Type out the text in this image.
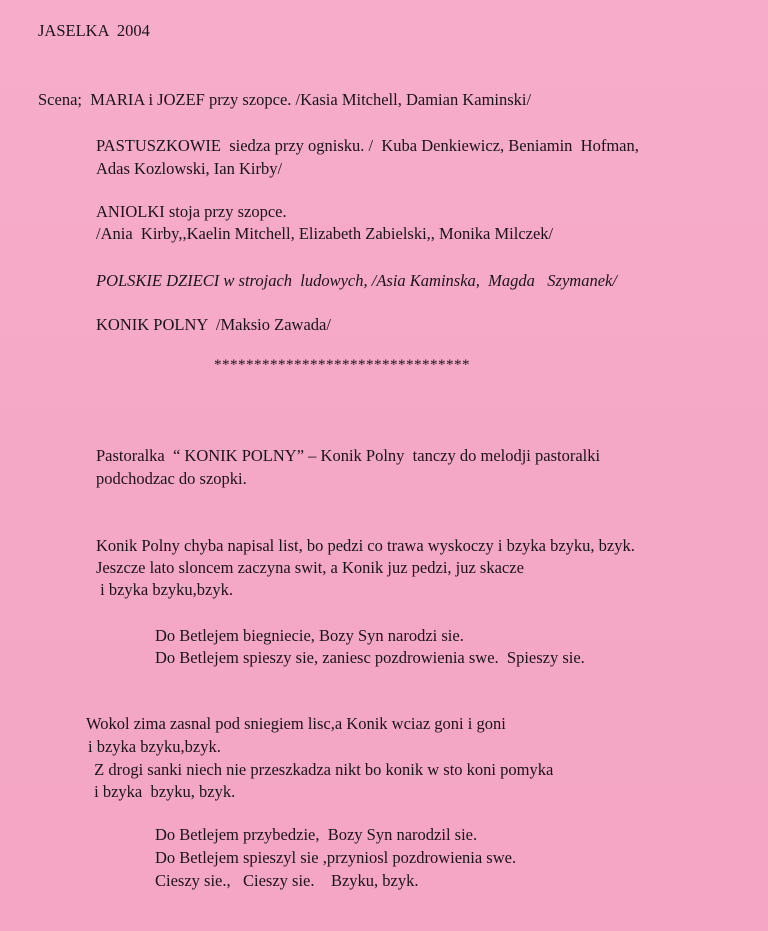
JASELKA  2004

Scena;  MARIA i JOZEF przy szopce. /Kasia Mitchell, Damian Kaminski/

PASTUSZKOWIE  siedza przy ognisku. /  Kuba Denkiewicz, Beniamin  Hofman,

Adas Kozlowski, Ian Kirby/

ANIOLKI stoja przy szopce.

/Ania  Kirby,,Kaelin Mitchell, Elizabeth Zabielski,, Monika Milczek/

POLSKIE DZIECI w strojach  ludowych, /Asia Kaminska,  Magda   Szymanek/

KONIK POLNY  /Maksio Zawada/

********************************

Pastoralka  “ KONIK POLNY” – Konik Polny  tanczy do melodji pastoralki

podchodzac do szopki.

Konik Polny chyba napisal list, bo pedzi co trawa wyskoczy i bzyka bzyku, bzyk.

Jeszcze lato sloncem zaczyna swit, a Konik juz pedzi, juz skacze

i bzyka bzyku,bzyk.

Do Betlejem biegniecie, Bozy Syn narodzi sie.

Do Betlejem spieszy sie, zaniesc pozdrowienia swe.  Spieszy sie.

Wokol zima zasnal pod sniegiem lisc,a Konik wciaz goni i goni

i bzyka bzyku,bzyk.

Z drogi sanki niech nie przeszkadza nikt bo konik w sto koni pomyka

i bzyka  bzyku, bzyk.

Do Betlejem przybedzie,  Bozy Syn narodzil sie.

Do Betlejem spieszyl sie ,przyniosl pozdrowienia swe.

Cieszy sie.,   Cieszy sie.    Bzyku, bzyk.
